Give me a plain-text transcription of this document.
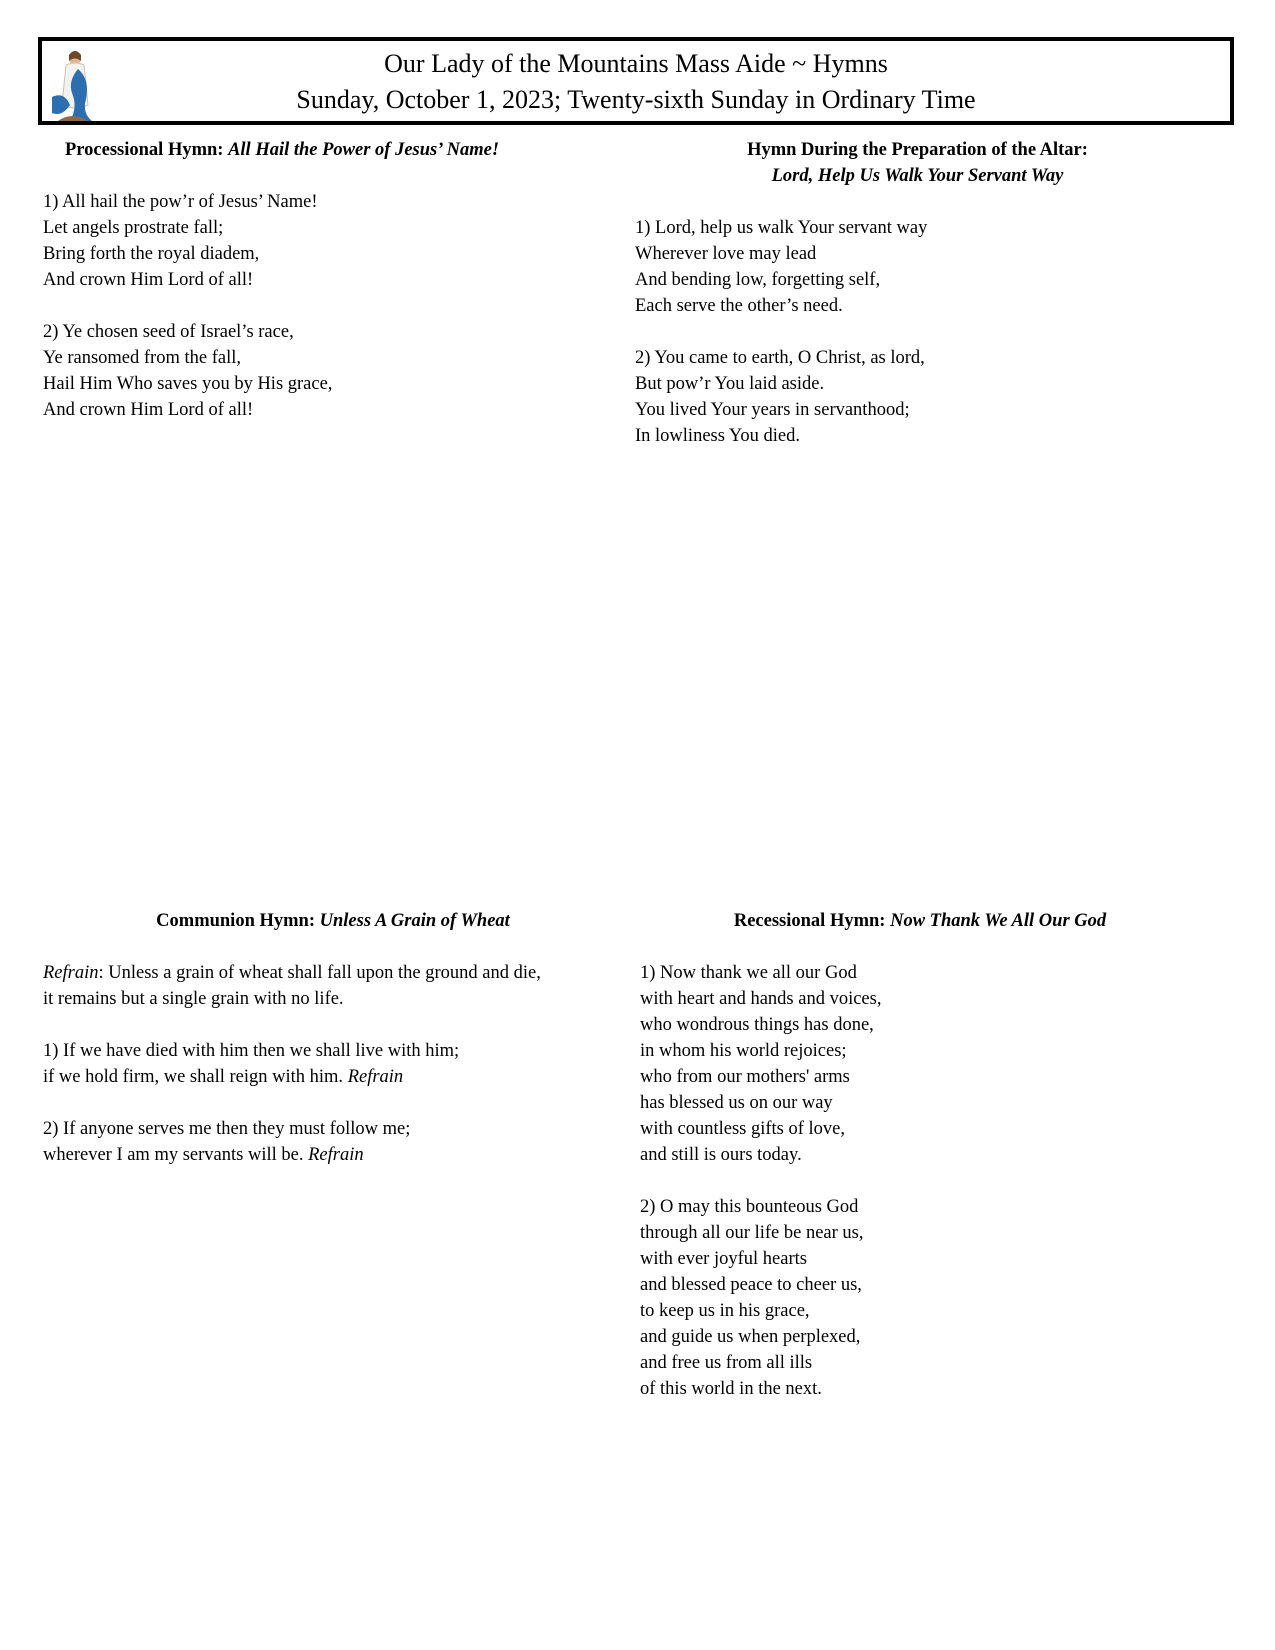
Our Lady of the Mountains Mass Aide ~ Hymns
Sunday, October 1, 2023; Twenty-sixth Sunday in Ordinary Time
Processional Hymn: All Hail the Power of Jesus’ Name!
1) All hail the pow’r of Jesus’ Name!
Let angels prostrate fall;
Bring forth the royal diadem,
And crown Him Lord of all!
2) Ye chosen seed of Israel’s race,
Ye ransomed from the fall,
Hail Him Who saves you by His grace,
And crown Him Lord of all!
Hymn During the Preparation of the Altar:
Lord, Help Us Walk Your Servant Way
1) Lord, help us walk Your servant way
Wherever love may lead
And bending low, forgetting self,
Each serve the other’s need.
2) You came to earth, O Christ, as lord,
But pow’r You laid aside.
You lived Your years in servanthood;
In lowliness You died.
Communion Hymn: Unless A Grain of Wheat
Refrain: Unless a grain of wheat shall fall upon the ground and die,
it remains but a single grain with no life.
1) If we have died with him then we shall live with him;
if we hold firm, we shall reign with him. Refrain
2) If anyone serves me then they must follow me;
wherever I am my servants will be. Refrain
Recessional Hymn: Now Thank We All Our God
1) Now thank we all our God
with heart and hands and voices,
who wondrous things has done,
in whom his world rejoices;
who from our mothers' arms
has blessed us on our way
with countless gifts of love,
and still is ours today.
2) O may this bounteous God
through all our life be near us,
with ever joyful hearts
and blessed peace to cheer us,
to keep us in his grace,
and guide us when perplexed,
and free us from all ills
of this world in the next.
